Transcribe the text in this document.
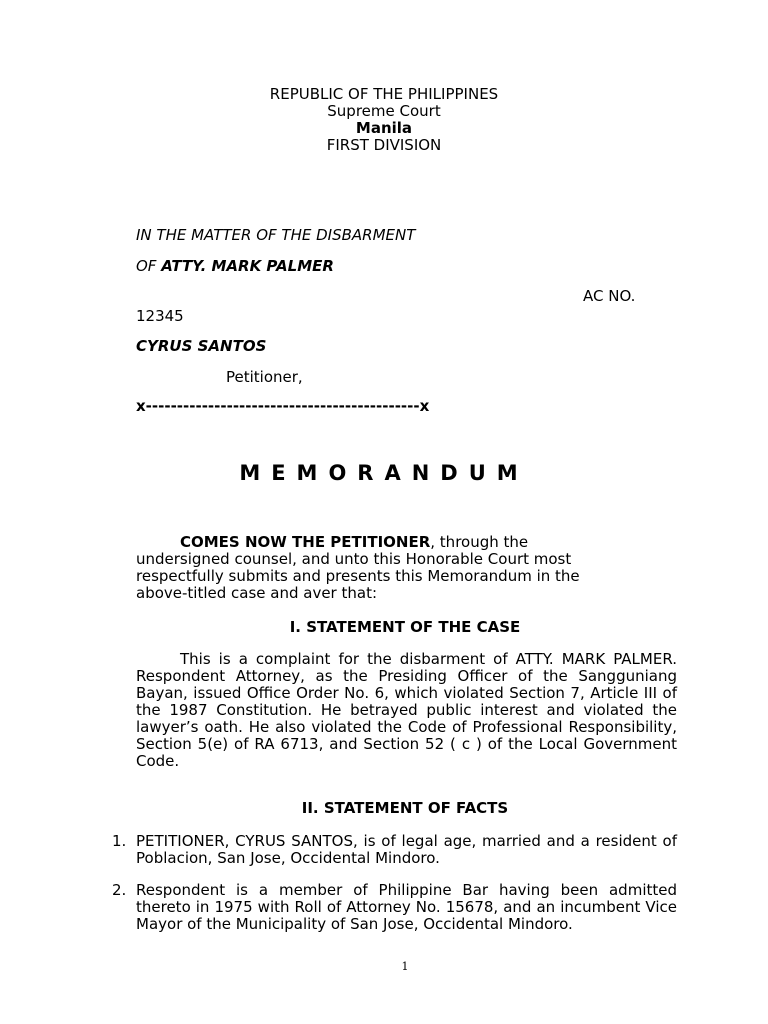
REPUBLIC OF THE PHILIPPINES
Supreme Court
Manila
FIRST DIVISION
IN THE MATTER OF THE DISBARMENT
OF ATTY. MARK PALMER
AC NO.
12345
CYRUS SANTOS
Petitioner,
x--------------------------------------------x
MEMORANDUM
COMES NOW THE PETITIONER, through the
undersigned counsel, and unto this Honorable Court most
respectfully submits and presents this Memorandum in the
above-titled case and aver that:
I. STATEMENT OF THE CASE
This is a complaint for the disbarment of ATTY. MARK PALMER. Respondent Attorney, as the Presiding Officer of the Sangguniang Bayan, issued Office Order No. 6, which violated Section 7, Article III of the 1987 Constitution. He betrayed public interest and violated the lawyer’s oath. He also violated the Code of Professional Responsibility, Section 5(e) of RA 6713, and Section 52 ( c ) of the Local Government Code.
II. STATEMENT OF FACTS
1. PETITIONER, CYRUS SANTOS, is of legal age, married and a resident of Poblacion, San Jose, Occidental Mindoro.
2. Respondent is a member of Philippine Bar having been admitted thereto in 1975 with Roll of Attorney No. 15678, and an incumbent Vice Mayor of the Municipality of San Jose, Occidental Mindoro.
1
